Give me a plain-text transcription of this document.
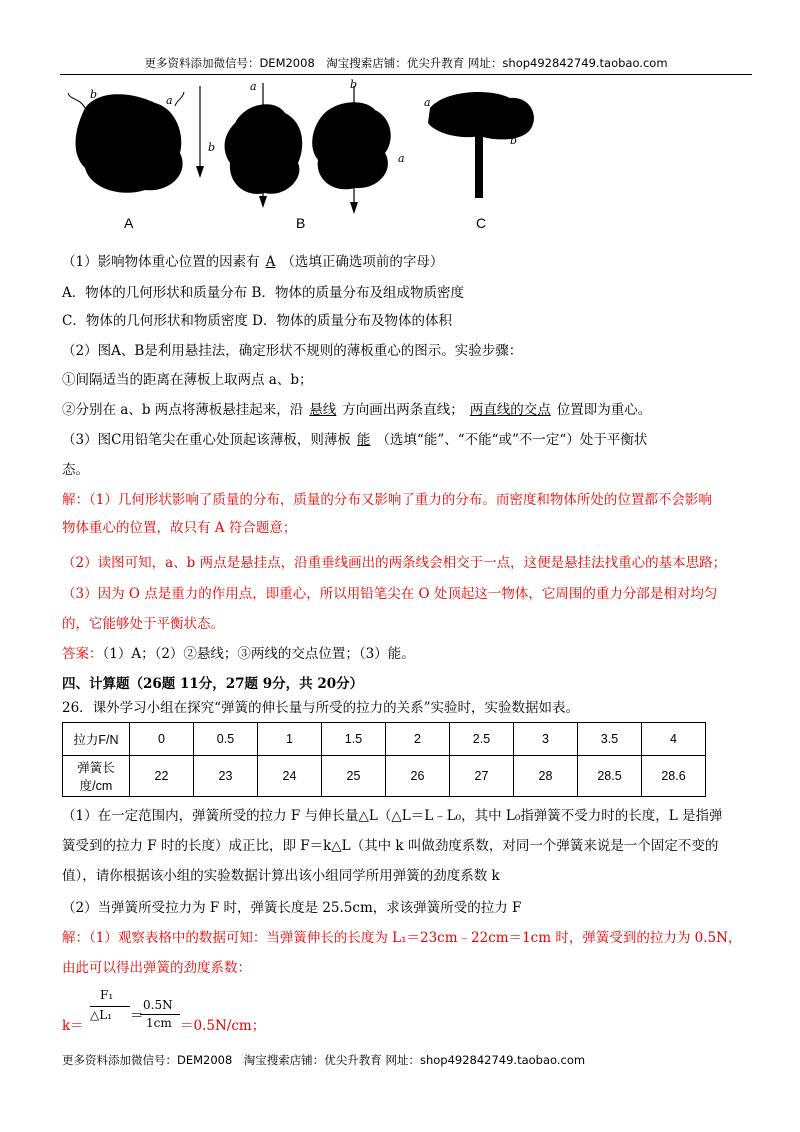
更多资料添加微信号：DEM2008　淘宝搜索店铺：优尖升教育 网址：shop492842749.taobao.com
b	a
a
b
b
a
a
b
A	B	C
（1）影响物体重心位置的因素有 A （选填正确选项前的字母）
A．物体的几何形状和质量分布 B．物体的质量分布及组成物质密度
C．物体的几何形状和物质密度 D．物体的质量分布及物体的体积
（2）图A、B是利用悬挂法，确定形状不规则的薄板重心的图示。实验步骤：
①间隔适当的距离在薄板上取两点 a、b；
②分别在 a、b 两点将薄板悬挂起来，沿 悬线 方向画出两条直线； 两直线的交点 位置即为重心。
（3）图C用铅笔尖在重心处顶起该薄板，则薄板 能 （选填“能”、“不能“或”不一定“）处于平衡状
态。
解：（1）几何形状影响了质量的分布，质量的分布又影响了重力的分布。而密度和物体所处的位置都不会影响
物体重心的位置，故只有 A 符合题意；
（2）读图可知，a、b 两点是悬挂点，沿重垂线画出的两条线会相交于一点，这便是悬挂法找重心的基本思路；
（3）因为 O 点是重力的作用点，即重心，所以用铅笔尖在 O 处顶起这一物体，它周围的重力分部是相对均匀
的，它能够处于平衡状态。
答案：（1）A；（2）②悬线；③两线的交点位置；（3）能。
四、计算题（26题 11分，27题 9分，共 20分）
26．课外学习小组在探究“弹簧的伸长量与所受的拉力的关系”实验时，实验数据如表。
拉力F/N	0	0.5	1	1.5	2	2.5	3	3.5	4

弹簧长
度/cm	22	23	24	25	26	27	28	28.5	28.6
（1）在一定范围内，弹簧所受的拉力 F 与伸长量△L（△L＝L﹣L₀，其中 L₀指弹簧不受力时的长度，L 是指弹
簧受到的拉力 F 时的长度）成正比，即 F＝k△L（其中 k 叫做劲度系数，对同一个弹簧来说是一个固定不变的
值），请你根据该小组的实验数据计算出该小组同学所用弹簧的劲度系数 k
（2）当弹簧所受拉力为 F 时，弹簧长度是 25.5cm，求该弹簧所受的拉力 F
解：（1）观察表格中的数据可知：当弹簧伸长的长度为 L₁＝23cm﹣22cm＝1cm 时，弹簧受到的拉力为 0.5N，
由此可以得出弹簧的劲度系数：
F₁
△L₁
0.5N
1cm
k＝
＝
＝0.5N/cm；
更多资料添加微信号：DEM2008　淘宝搜索店铺：优尖升教育 网址：shop492842749.taobao.com
